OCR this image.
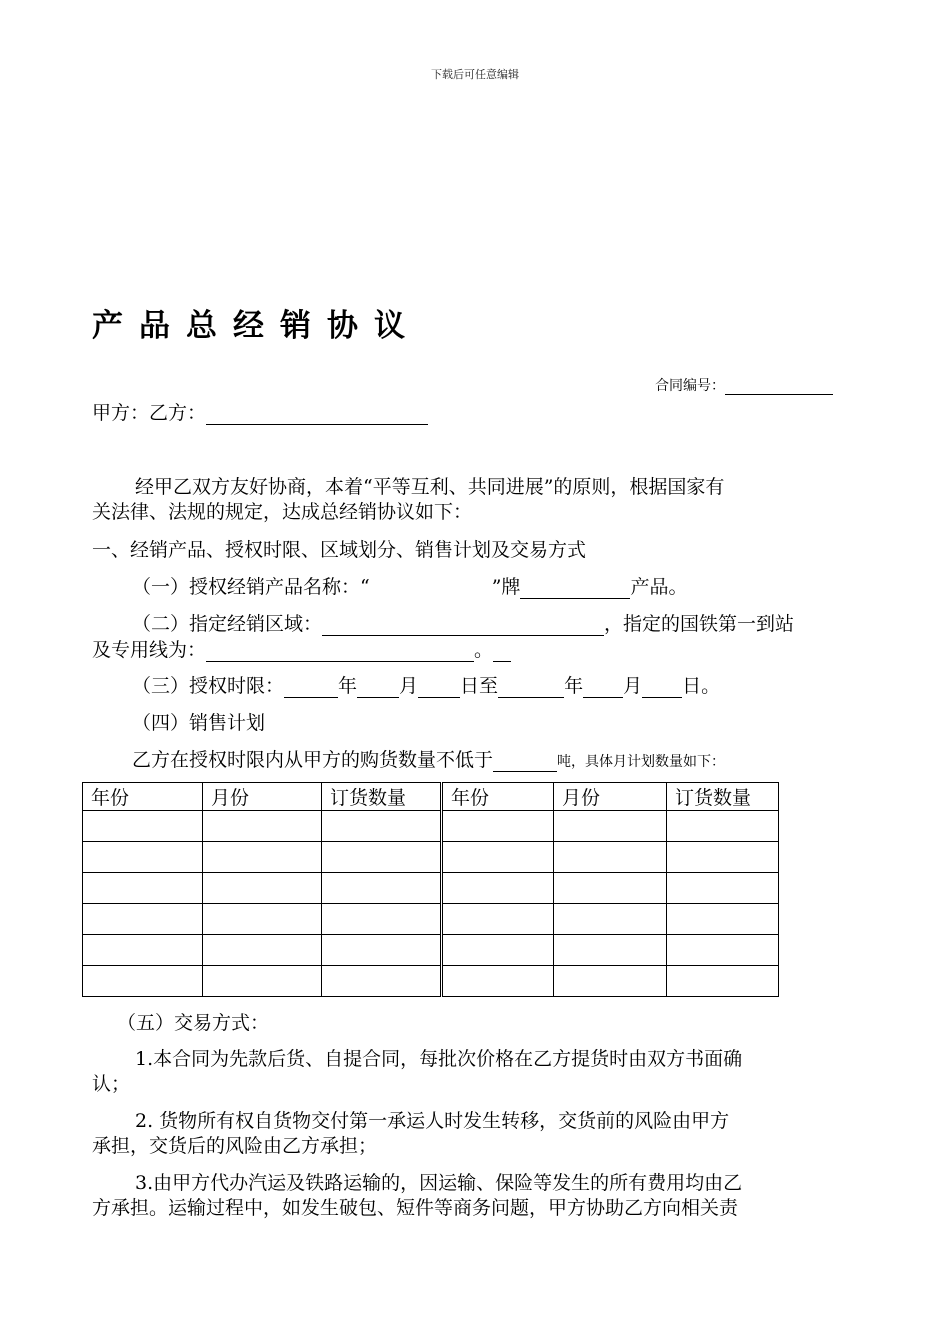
下载后可任意编辑
产品总经销协议
合同编号：
甲方：乙方：
经甲乙双方友好协商，本着“平等互利、共同进展”的原则，根据国家有
关法律、法规的规定，达成总经销协议如下：
一、经销产品、授权时限、区域划分、销售计划及交易方式
（一）授权经销产品名称：“	”牌	产品。
（二）指定经销区域：	，指定的国铁第一到站
及专用线为：	。
（三）授权时限：	年 月 日至	年 月 日。
（四）销售计划
乙方在授权时限内从甲方的购货数量不低于	吨，具体月计划数量如下：
年份	月份	订货数量	年份	月份	订货数量

（五）交易方式：
1.本合同为先款后货、自提合同，每批次价格在乙方提货时由双方书面确
认；
2. 货物所有权自货物交付第一承运人时发生转移，交货前的风险由甲方
承担，交货后的风险由乙方承担；
3.由甲方代办汽运及铁路运输的，因运输、保险等发生的所有费用均由乙
方承担。运输过程中，如发生破包、短件等商务问题，甲方协助乙方向相关责
